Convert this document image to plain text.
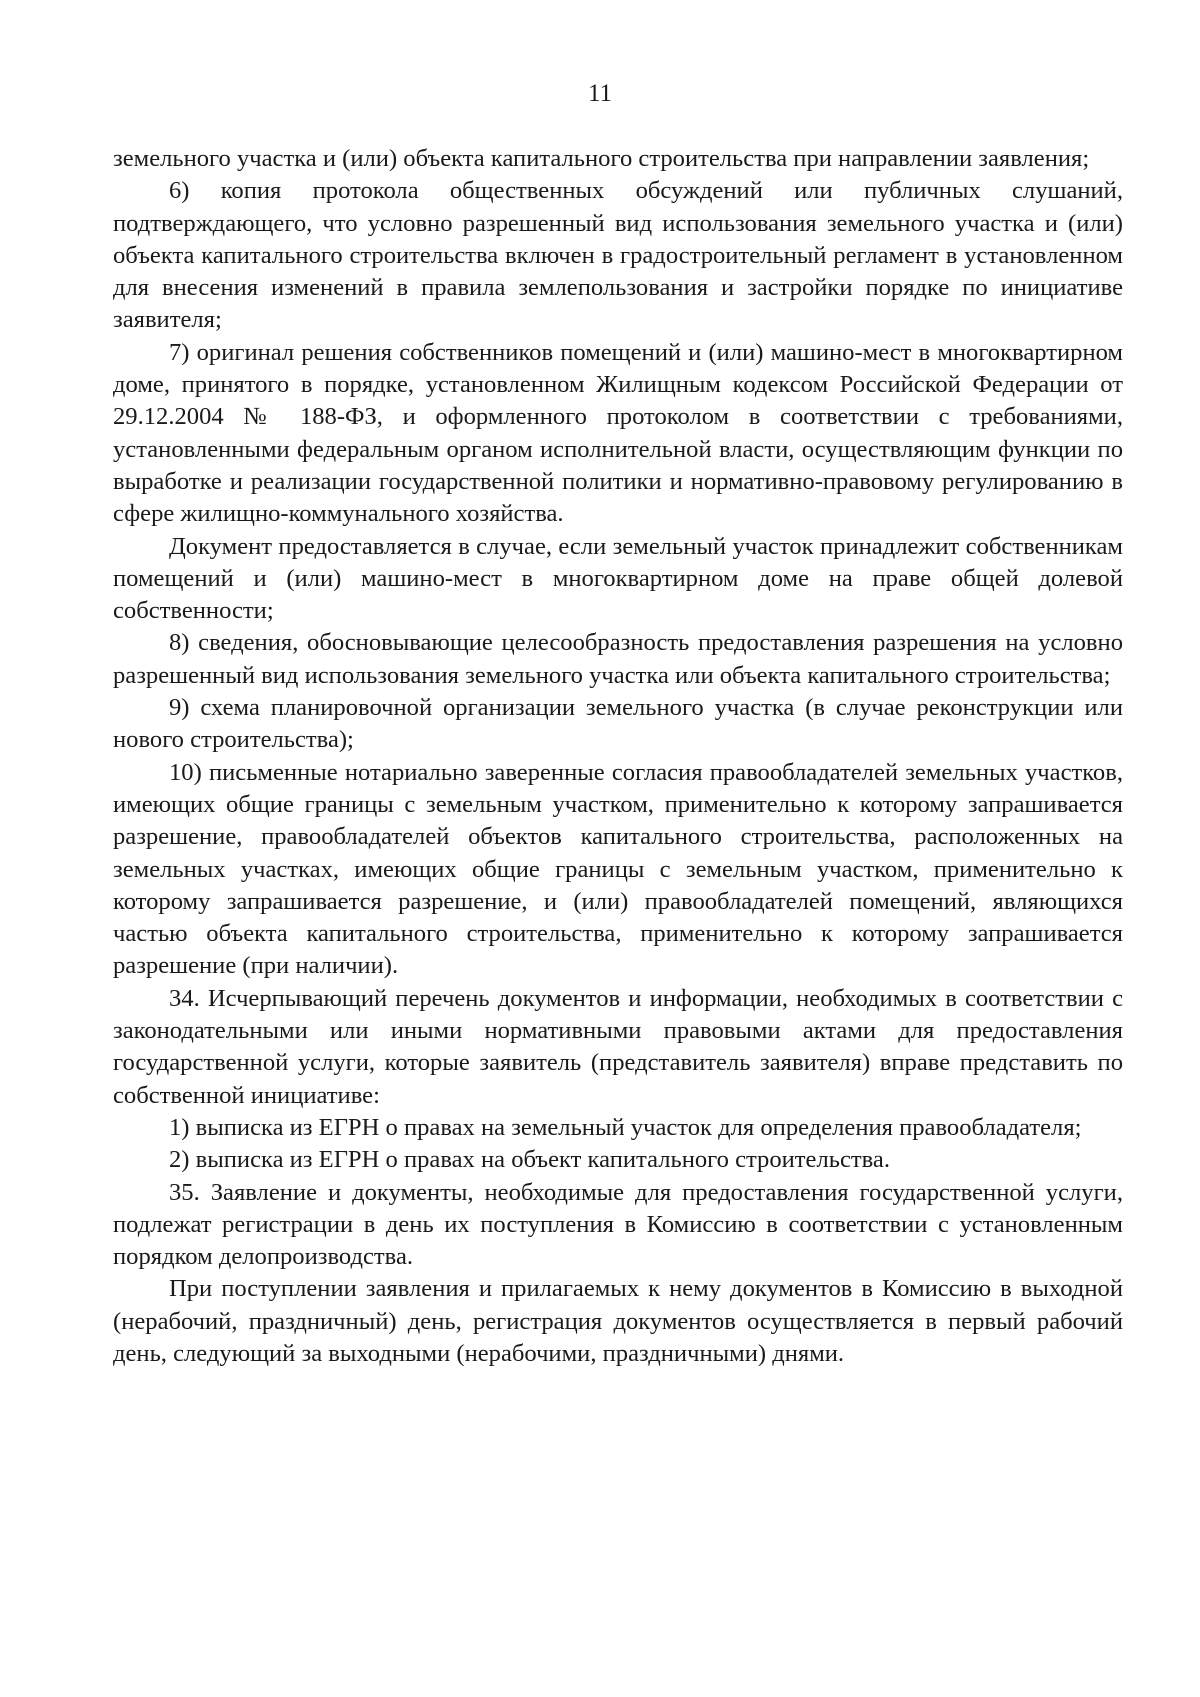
11

земельного участка и (или) объекта капитального строительства при направлении заявления;

6) копия протокола общественных обсуждений или публичных слушаний, подтверждающего, что условно разрешенный вид использования земельного участка и (или) объекта капитального строительства включен в градостроительный регламент в установленном для внесения изменений в правила землепользования и застройки порядке по инициативе заявителя;

7) оригинал решения собственников помещений и (или) машино-мест в многоквартирном доме, принятого в порядке, установленном Жилищным кодексом Российской Федерации от 29.12.2004 № 188-ФЗ, и оформленного протоколом в соответствии с требованиями, установленными федеральным органом исполнительной власти, осуществляющим функции по выработке и реализации государственной политики и нормативно-правовому регулированию в сфере жилищно-коммунального хозяйства.

Документ предоставляется в случае, если земельный участок принадлежит собственникам помещений и (или) машино-мест в многоквартирном доме на праве общей долевой собственности;

8) сведения, обосновывающие целесообразность предоставления разрешения на условно разрешенный вид использования земельного участка или объекта капитального строительства;

9) схема планировочной организации земельного участка (в случае реконструкции или нового строительства);

10) письменные нотариально заверенные согласия правообладателей земельных участков, имеющих общие границы с земельным участком, применительно к которому запрашивается разрешение, правообладателей объектов капитального строительства, расположенных на земельных участках, имеющих общие границы с земельным участком, применительно к которому запрашивается разрешение, и (или) правообладателей помещений, являющихся частью объекта капитального строительства, применительно к которому запрашивается разрешение (при наличии).

34. Исчерпывающий перечень документов и информации, необходимых в соответствии с законодательными или иными нормативными правовыми актами для предоставления государственной услуги, которые заявитель (представитель заявителя) вправе представить по собственной инициативе:

1) выписка из ЕГРН о правах на земельный участок для определения правообладателя;

2) выписка из ЕГРН о правах на объект капитального строительства.

35. Заявление и документы, необходимые для предоставления государственной услуги, подлежат регистрации в день их поступления в Комиссию в соответствии с установленным порядком делопроизводства.

При поступлении заявления и прилагаемых к нему документов в Комиссию в выходной (нерабочий, праздничный) день, регистрация документов осуществляется в первый рабочий день, следующий за выходными (нерабочими, праздничными) днями.
